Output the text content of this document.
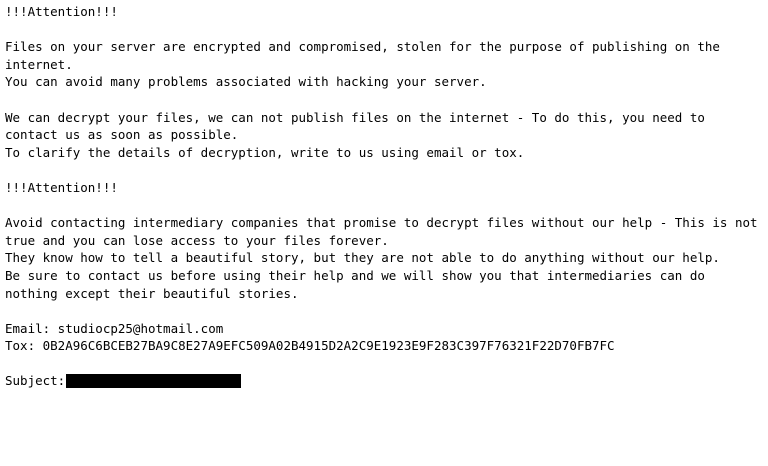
!!!Attention!!!
Files on your server are encrypted and compromised, stolen for the purpose of publishing on the internet.
You can avoid many problems associated with hacking your server.
We can decrypt your files, we can not publish files on the internet - To do this, you need to contact us as soon as possible.
To clarify the details of decryption, write to us using email or tox.
!!!Attention!!!
Avoid contacting intermediary companies that promise to decrypt files without our help - This is not true and you can lose access to your files forever.
They know how to tell a beautiful story, but they are not able to do anything without our help.
Be sure to contact us before using their help and we will show you that intermediaries can do nothing except their beautiful stories.
Email: studiocp25@hotmail.com
Tox: 0B2A96C6BCEB27BA9C8E27A9EFC509A02B4915D2A2C9E1923E9F283C397F76321F22D70FB7FC
Subject:
